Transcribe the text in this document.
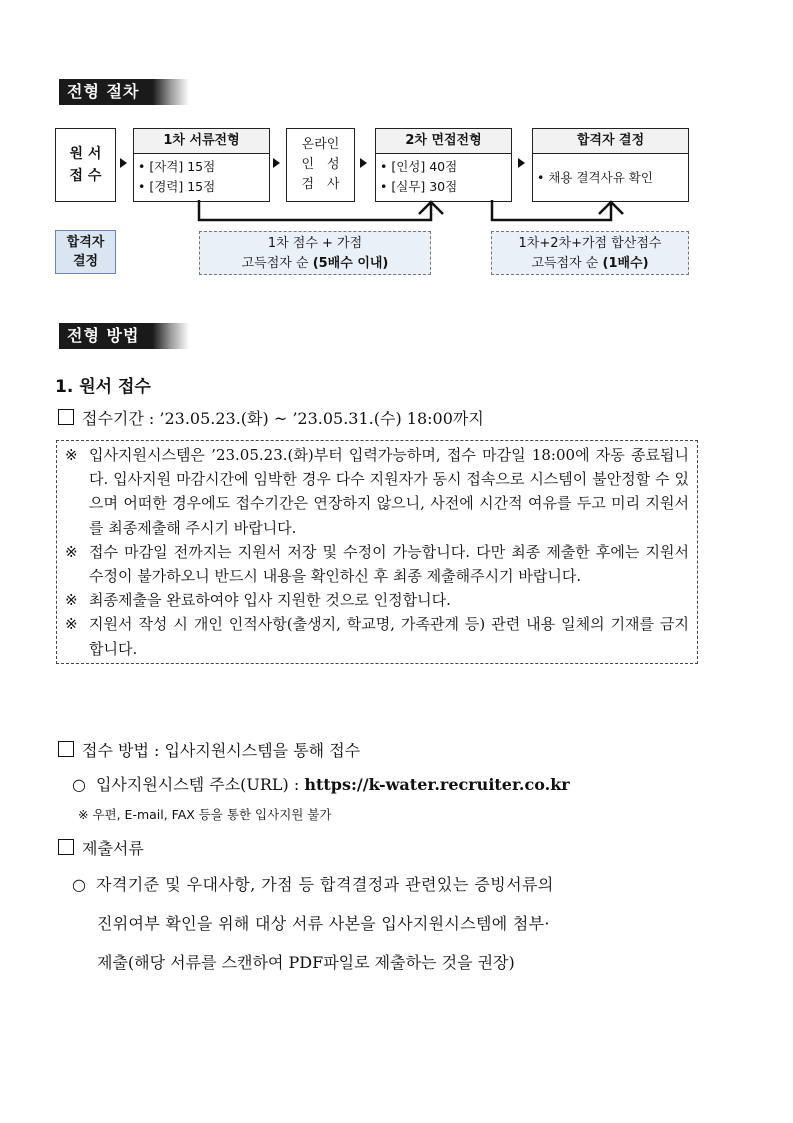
전형 절차
원 서
접 수
1차 서류전형
• [자격] 15점
• [경력] 15점
온라인
인　성
검　사
2차 면접전형
• [인성] 40점
• [실무] 30점
합격자 결정
• 채용 결격사유 확인
합격자
결정
1차 점수 + 가점
고득점자 순 (5배수 이내)
1차+2차+가점 합산점수
고득점자 순 (1배수)
전형 방법
1. 원서 접수
접수기간 : ’23.05.23.(화) ~ ’23.05.31.(수) 18:00까지
※ 입사지원시스템은 ’23.05.23.(화)부터 입력가능하며, 접수 마감일 18:00에 자동 종료됩니다. 입사지원 마감시간에 임박한 경우 다수 지원자가 동시 접속으로 시스템이 불안정할 수 있으며 어떠한 경우에도 접수기간은 연장하지 않으니, 사전에 시간적 여유를 두고 미리 지원서를 최종제출해 주시기 바랍니다.
※ 접수 마감일 전까지는 지원서 저장 및 수정이 가능합니다. 다만 최종 제출한 후에는 지원서 수정이 불가하오니 반드시 내용을 확인하신 후 최종 제출해주시기 바랍니다.
※ 최종제출을 완료하여야 입사 지원한 것으로 인정합니다.
※ 지원서 작성 시 개인 인적사항(출생지, 학교명, 가족관계 등) 관련 내용 일체의 기재를 금지합니다.
접수 방법 : 입사지원시스템을 통해 접수
○ 입사지원시스템 주소(URL) : https://k-water.recruiter.co.kr
※ 우편, E-mail, FAX 등을 통한 입사지원 불가
제출서류
○ 자격기준 및 우대사항, 가점 등 합격결정과 관련있는 증빙서류의
진위여부 확인을 위해 대상 서류 사본을 입사지원시스템에 첨부·
제출(해당 서류를 스캔하여 PDF파일로 제출하는 것을 권장)
